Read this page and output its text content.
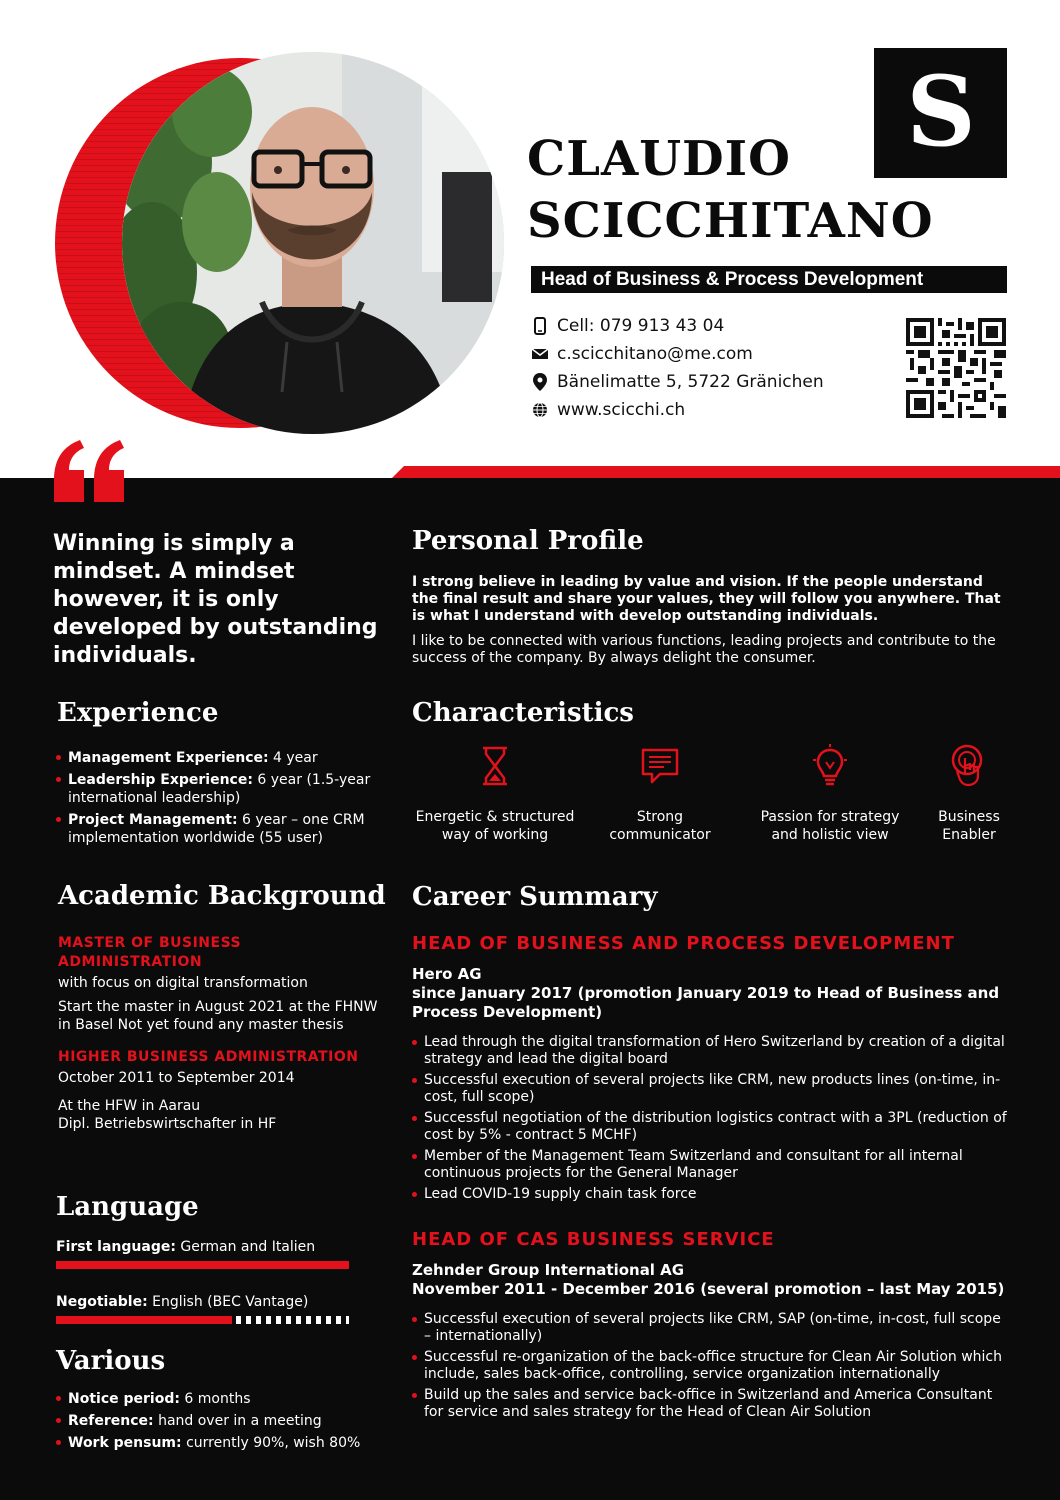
S
CLAUDIO
SCICCHITANO
Head of Business & Process Development
Cell: 079 913 43 04
c.scicchitano@me.com
Bänelimatte 5, 5722 Gränichen
www.scicchi.ch
Winning is simply a mindset. A mindset however, it is only developed by outstanding individuals.
Experience
Management Experience: 4 year
Leadership Experience: 6 year (1.5-year international leadership)
Project Management: 6 year – one CRM implementation worldwide (55 user)
Academic Background
MASTER OF BUSINESS ADMINISTRATION

with focus on digital transformation

Start the master in August 2021 at the FHNW in Basel Not yet found any master thesis

HIGHER BUSINESS ADMINISTRATION

October 2011 to September 2014

At the HFW in Aarau

Dipl. Betriebswirtschafter in HF

Language
First language: German and Italien
Negotiable: English (BEC Vantage)
Various
Notice period: 6 months
Reference: hand over in a meeting
Work pensum: currently 90%, wish 80%
Personal Profile

I strong believe in leading by value and vision. If the people understand the final result and share your values, they will follow you anywhere. That is what I understand with develop outstanding individuals.

I like to be connected with various functions, leading projects and contribute to the success of the company. By always delight the consumer.

Characteristics
Energetic & structured
way of working
Strong
communicator
Passion for strategy
and holistic view
Business
Enabler
Career Summary
HEAD OF BUSINESS AND PROCESS DEVELOPMENT
Hero AG
since January 2017 (promotion January 2019 to Head of Business and Process Development)
Lead through the digital transformation of Hero Switzerland by creation of a digital strategy and lead the digital board
Successful execution of several projects like CRM, new products lines (on-time, in-cost, full scope)
Successful negotiation of the distribution logistics contract with a 3PL (reduction of cost by 5% - contract 5 MCHF)
Member of the Management Team Switzerland and consultant for all internal continuous projects for the General Manager
Lead COVID-19 supply chain task force
HEAD OF CAS BUSINESS SERVICE
Zehnder Group International AG
November 2011 - December 2016 (several promotion – last May 2015)
Successful execution of several projects like CRM, SAP (on-time, in-cost, full scope – internationally)
Successful re-organization of the back-office structure for Clean Air Solution which include, sales back-office, controlling, service organization internationally
Build up the sales and service back-office in Switzerland and America Consultant for service and sales strategy for the Head of Clean Air Solution
